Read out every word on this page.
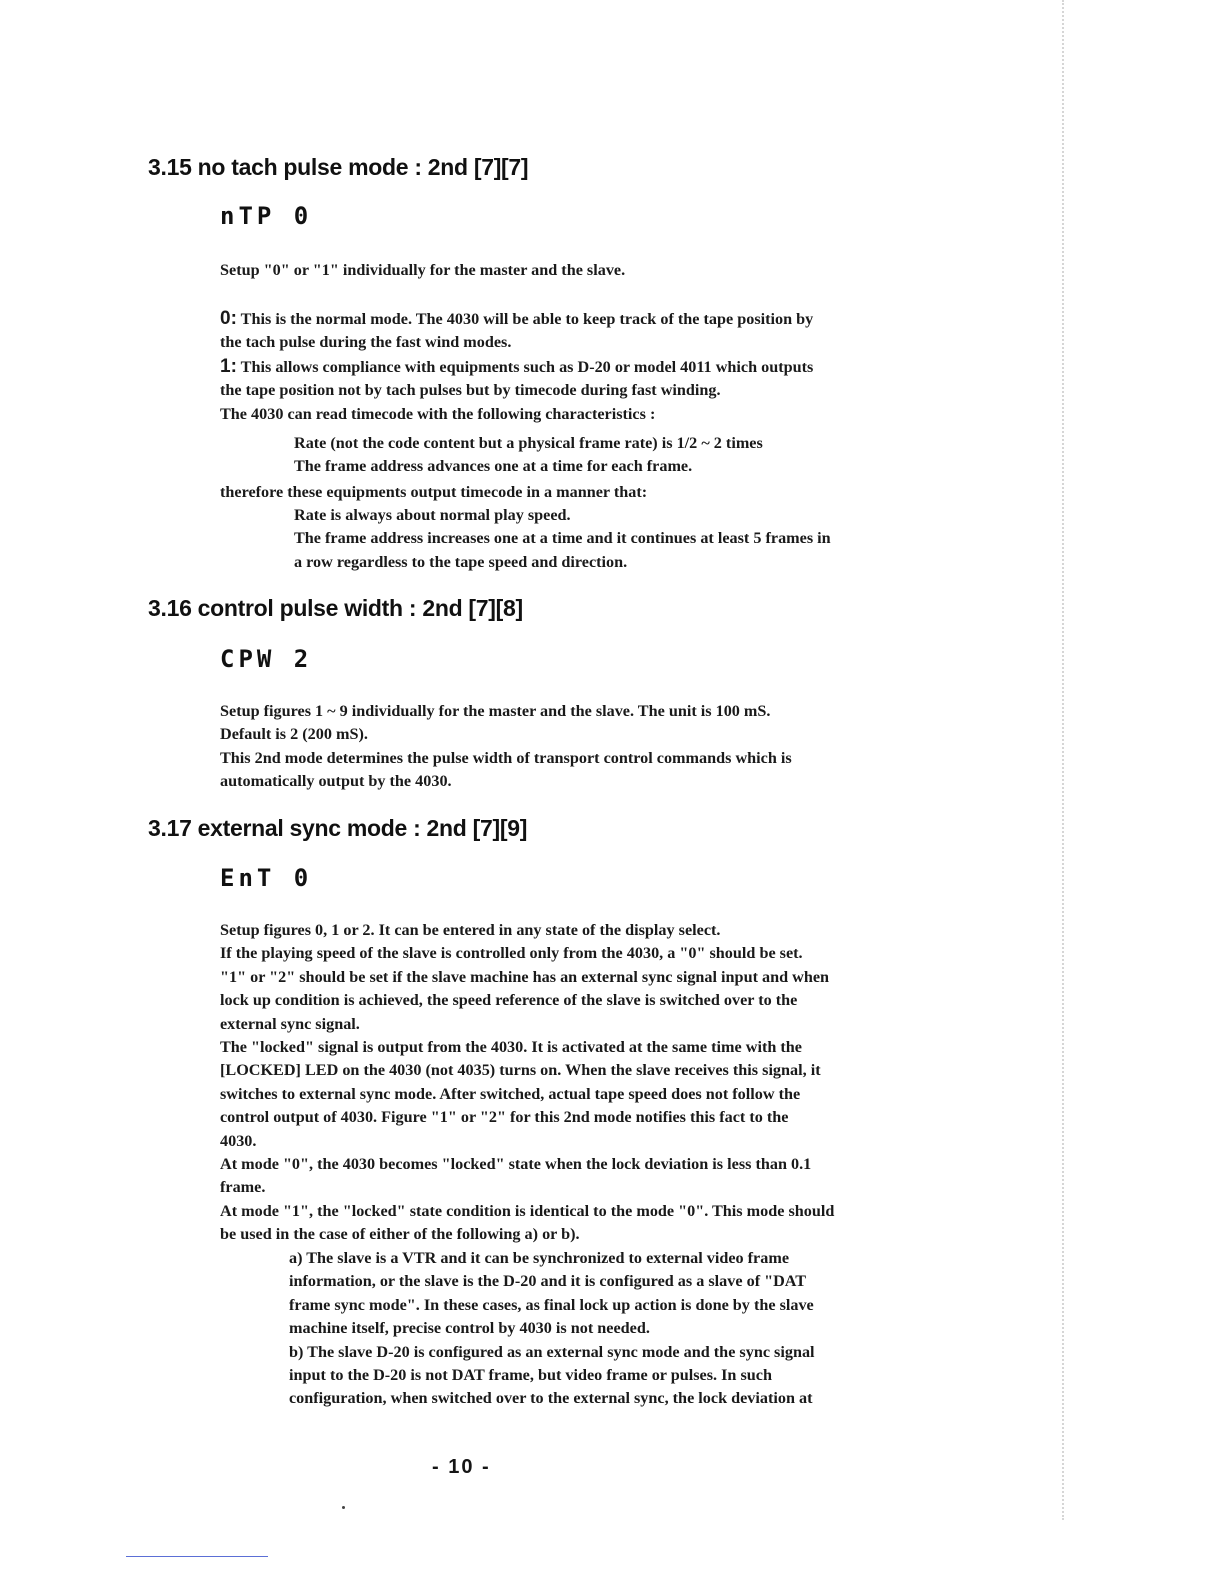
3.15 no tach pulse mode : 2nd [7][7]
nTP 0

Setup "0" or "1" individually for the master and the slave.

0: This is the normal mode. The 4030 will be able to keep track of the tape position by
the tach pulse during the fast wind modes.
1: This allows compliance with equipments such as D-20 or model 4011 which outputs
the tape position not by tach pulses but by timecode during fast winding.
The 4030 can read timecode with the following characteristics :

Rate (not the code content but a physical frame rate) is 1/2 ~ 2 times
The frame address advances one at a time for each frame.

therefore these equipments output timecode in a manner that:

Rate is always about normal play speed.
The frame address increases one at a time and it continues at least 5 frames in
a row regardless to the tape speed and direction.

3.16 control pulse width : 2nd [7][8]
CPW 2

Setup figures 1 ~ 9 individually for the master and the slave. The unit is 100 mS.
Default is 2 (200 mS).
This 2nd mode determines the pulse width of transport control commands which is
automatically output by the 4030.

3.17 external sync mode : 2nd [7][9]
EnT 0

Setup figures 0, 1 or 2. It can be entered in any state of the display select.
If the playing speed of the slave is controlled only from the 4030, a "0" should be set.
"1" or "2" should be set if the slave machine has an external sync signal input and when
lock up condition is achieved, the speed reference of the slave is switched over to the
external sync signal.
The "locked" signal is output from the 4030. It is activated at the same time with the
[LOCKED] LED on the 4030 (not 4035) turns on. When the slave receives this signal, it
switches to external sync mode. After switched, actual tape speed does not follow the
control output of 4030. Figure "1" or "2" for this 2nd mode notifies this fact to the
4030.
At mode "0", the 4030 becomes "locked" state when the lock deviation is less than 0.1
frame.
At mode "1", the "locked" state condition is identical to the mode "0". This mode should
be used in the case of either of the following a) or b).

a) The slave is a VTR and it can be synchronized to external video frame
information, or the slave is the D-20 and it is configured as a slave of "DAT
frame sync mode". In these cases, as final lock up action is done by the slave
machine itself, precise control by 4030 is not needed.
b) The slave D-20 is configured as an external sync mode and the sync signal
input to the D-20 is not DAT frame, but video frame or pulses. In such
configuration, when switched over to the external sync, the lock deviation at

- 10 -
